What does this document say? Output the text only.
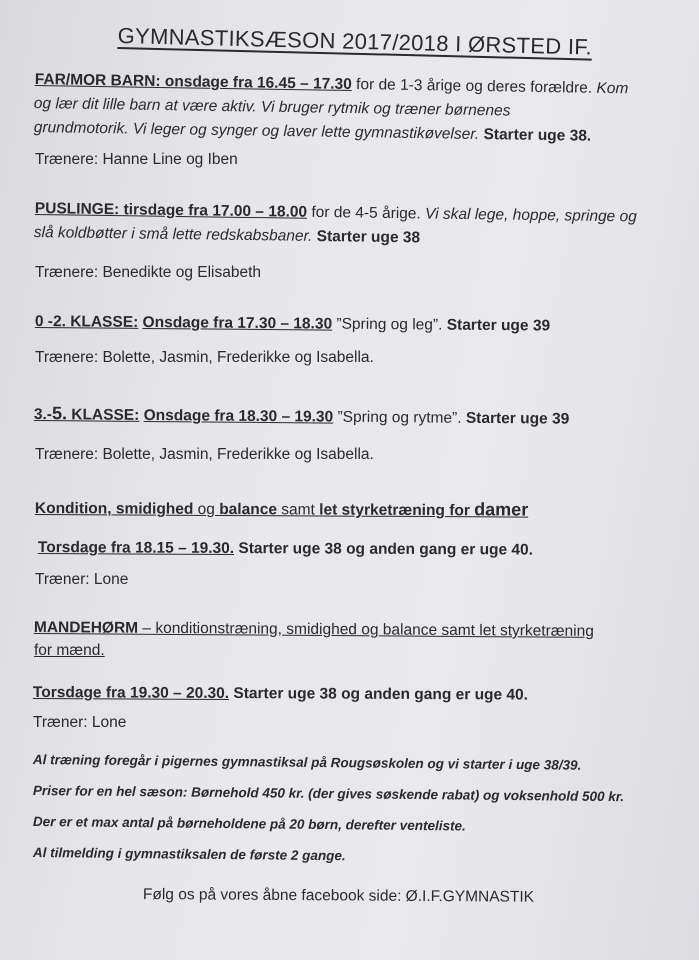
GYMNASTIKSÆSON 2017/2018 I ØRSTED IF.
FAR/MOR BARN: onsdage fra 16.45 – 17.30 for de 1-3 årige og deres forældre. Kom
og lær dit lille barn at være aktiv. Vi bruger rytmik og træner børnenes
grundmotorik. Vi leger og synger og laver lette gymnastikøvelser. Starter uge 38.
Trænere: Hanne Line og Iben
PUSLINGE: tirsdage fra 17.00 – 18.00 for de 4-5 årige. Vi skal lege, hoppe, springe og
slå koldbøtter i små lette redskabsbaner. Starter uge 38
Trænere: Benedikte og Elisabeth
0 -2. KLASSE: Onsdage fra 17.30 – 18.30 ”Spring og leg”. Starter uge 39
Trænere: Bolette, Jasmin, Frederikke og Isabella.
3.-5. KLASSE: Onsdage fra 18.30 – 19.30 ”Spring og rytme”. Starter uge 39
Trænere: Bolette, Jasmin, Frederikke og Isabella.
Kondition, smidighed og balance samt let styrketræning for damer
Torsdage fra 18.15 – 19.30. Starter uge 38 og anden gang er uge 40.
Træner: Lone
MANDEHØRM – konditionstræning, smidighed og balance samt let styrketræning
for mænd.
Torsdage fra 19.30 – 20.30. Starter uge 38 og anden gang er uge 40.
Træner: Lone
Al træning foregår i pigernes gymnastiksal på Rougsøskolen og vi starter i uge 38/39.
Priser for en hel sæson: Børnehold 450 kr. (der gives søskende rabat) og voksenhold 500 kr.
Der er et max antal på børneholdene på 20 børn, derefter venteliste.
Al tilmelding i gymnastiksalen de første 2 gange.
Følg os på vores åbne facebook side: Ø.I.F.GYMNASTIK
